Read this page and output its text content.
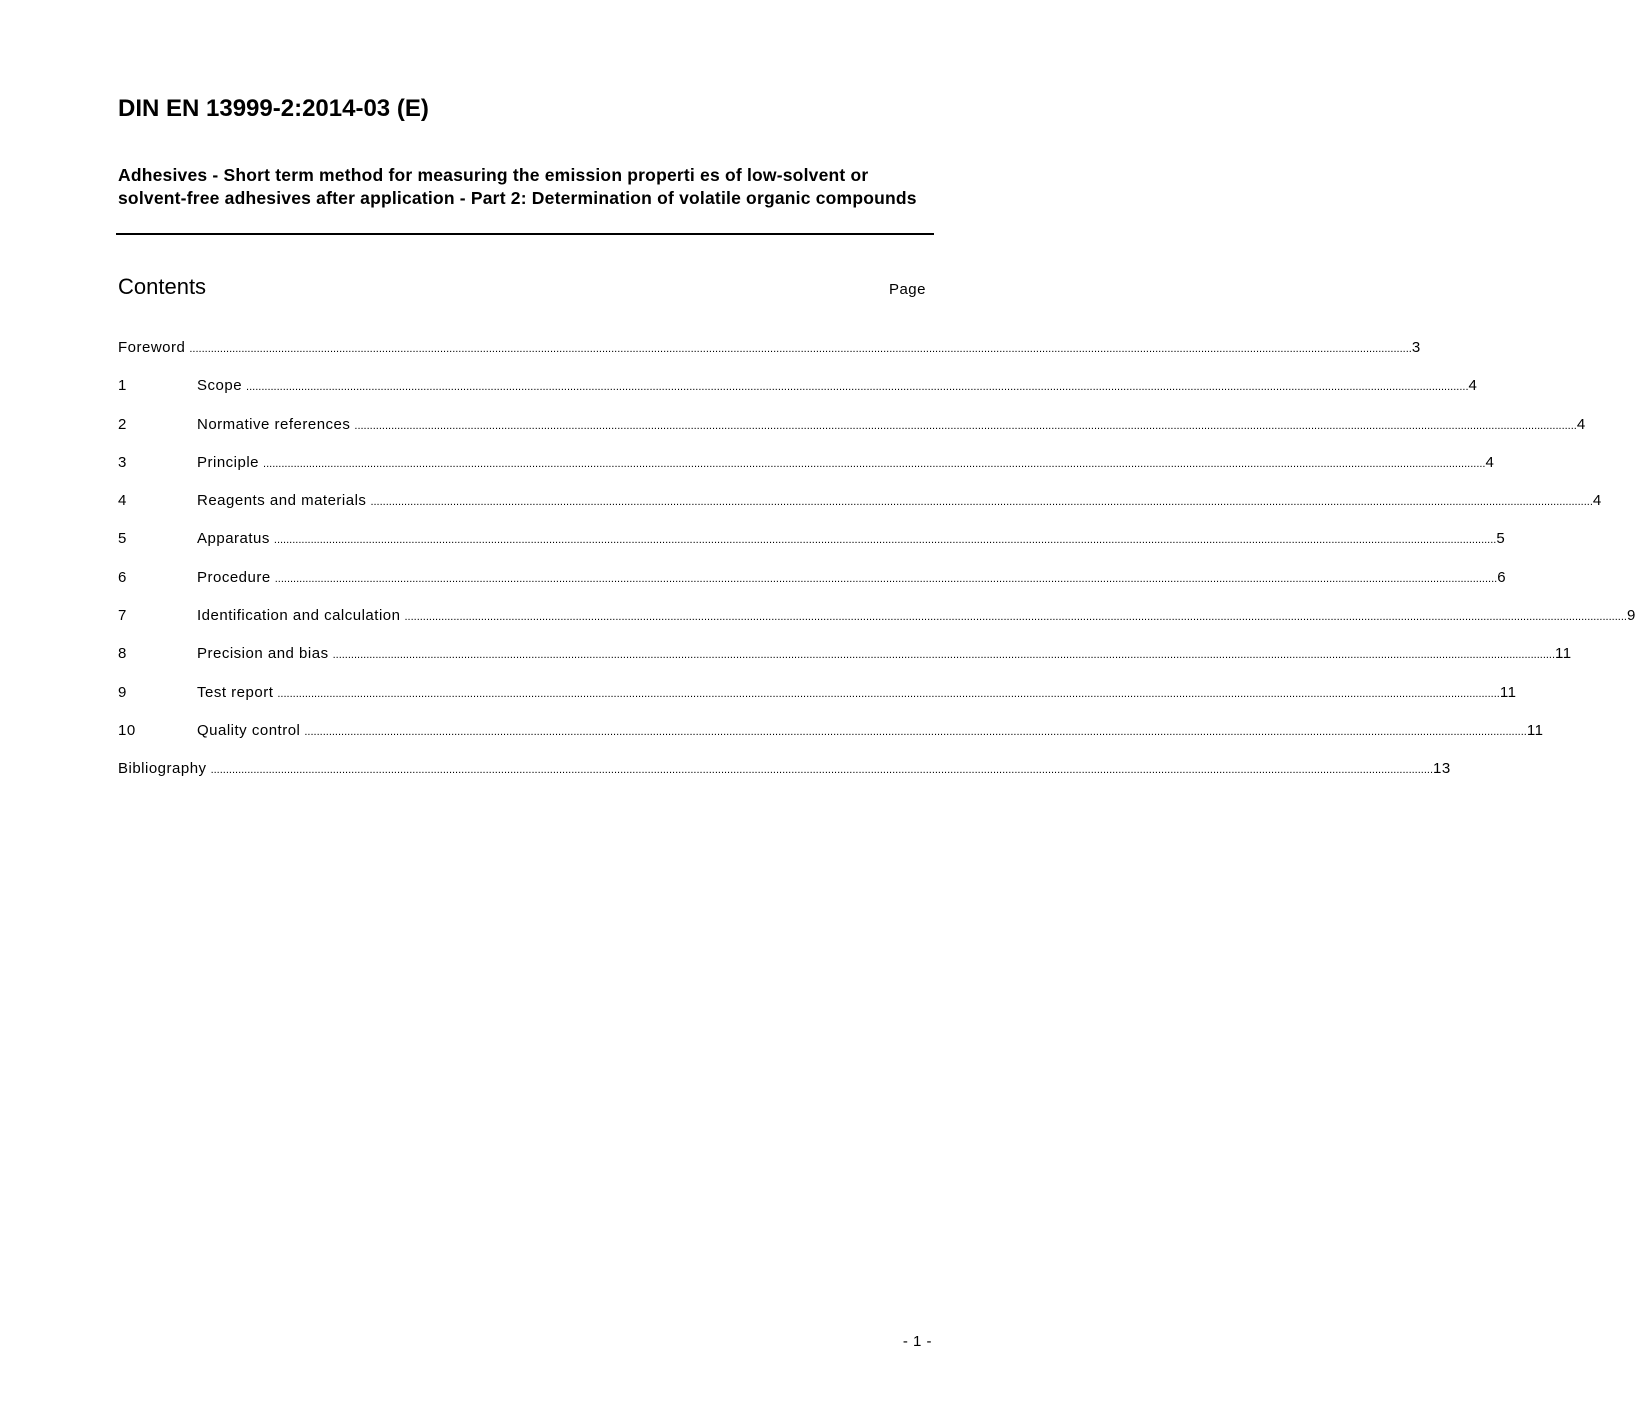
DIN EN 13999-2:2014-03 (E)
Adhesives - Short term method for measuring the emission properti es of low-solvent or solvent-free adhesives after application - Part 2: Determination of volatile organic compounds
Contents	Page
Foreword ................................................................................................................................................................................................................................................................................................................................................................................................................ 3
1	Scope ................................................................................................................................................................................................................................................................................................................................................................................................................ 4
2	Normative references ................................................................................................................................................................................................................................................................................................................................................................................................................ 4
3	Principle ................................................................................................................................................................................................................................................................................................................................................................................................................ 4
4	Reagents and materials ................................................................................................................................................................................................................................................................................................................................................................................................................ 4
5	Apparatus ................................................................................................................................................................................................................................................................................................................................................................................................................ 5
6	Procedure ................................................................................................................................................................................................................................................................................................................................................................................................................ 6
7	Identification and calculation ................................................................................................................................................................................................................................................................................................................................................................................................................ 9
8	Precision and bias ................................................................................................................................................................................................................................................................................................................................................................................................................ 11
9	Test report ................................................................................................................................................................................................................................................................................................................................................................................................................ 11
10	Quality control ................................................................................................................................................................................................................................................................................................................................................................................................................ 11
Bibliography ................................................................................................................................................................................................................................................................................................................................................................................................................ 13
- 1 -
